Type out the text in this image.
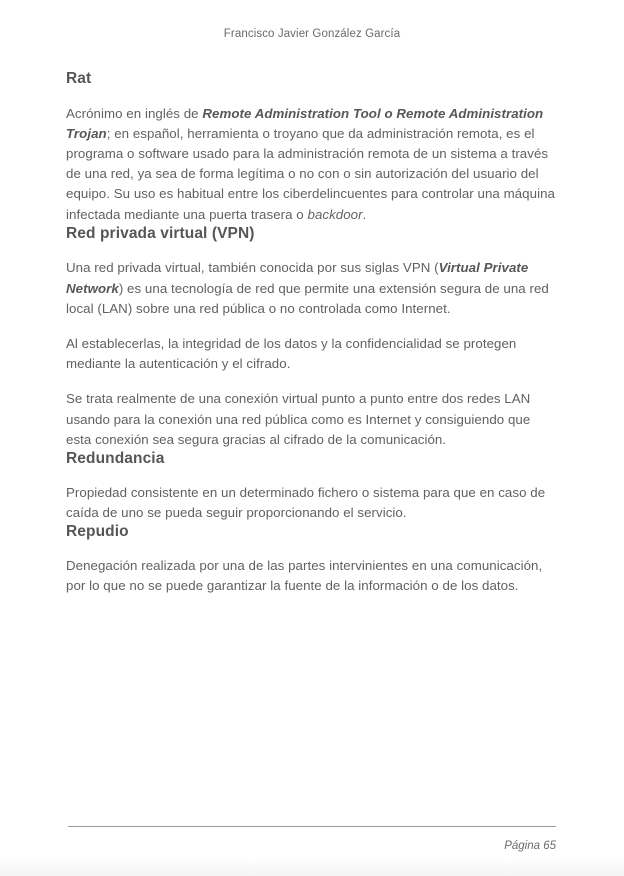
Francisco Javier González García
Rat

Acrónimo en inglés de Remote Administration Tool o Remote Administration Trojan; en español, herramienta o troyano que da administración remota, es el programa o software usado para la administración remota de un sistema a través de una red, ya sea de forma legítima o no con o sin autorización del usuario del equipo. Su uso es habitual entre los ciberdelincuentes para controlar una máquina infectada mediante una puerta trasera o backdoor.

Red privada virtual (VPN)

Una red privada virtual, también conocida por sus siglas VPN (Virtual Private Network) es una tecnología de red que permite una extensión segura de una red local (LAN) sobre una red pública o no controlada como Internet.

Al establecerlas, la integridad de los datos y la confidencialidad se protegen mediante la autenticación y el cifrado.

Se trata realmente de una conexión virtual punto a punto entre dos redes LAN usando para la conexión una red pública como es Internet y consiguiendo que esta conexión sea segura gracias al cifrado de la comunicación.

Redundancia

Propiedad consistente en un determinado fichero o sistema para que en caso de caída de uno se pueda seguir proporcionando el servicio.

Repudio

Denegación realizada por una de las partes intervinientes en una comunicación, por lo que no se puede garantizar la fuente de la información o de los datos.

Página 65
